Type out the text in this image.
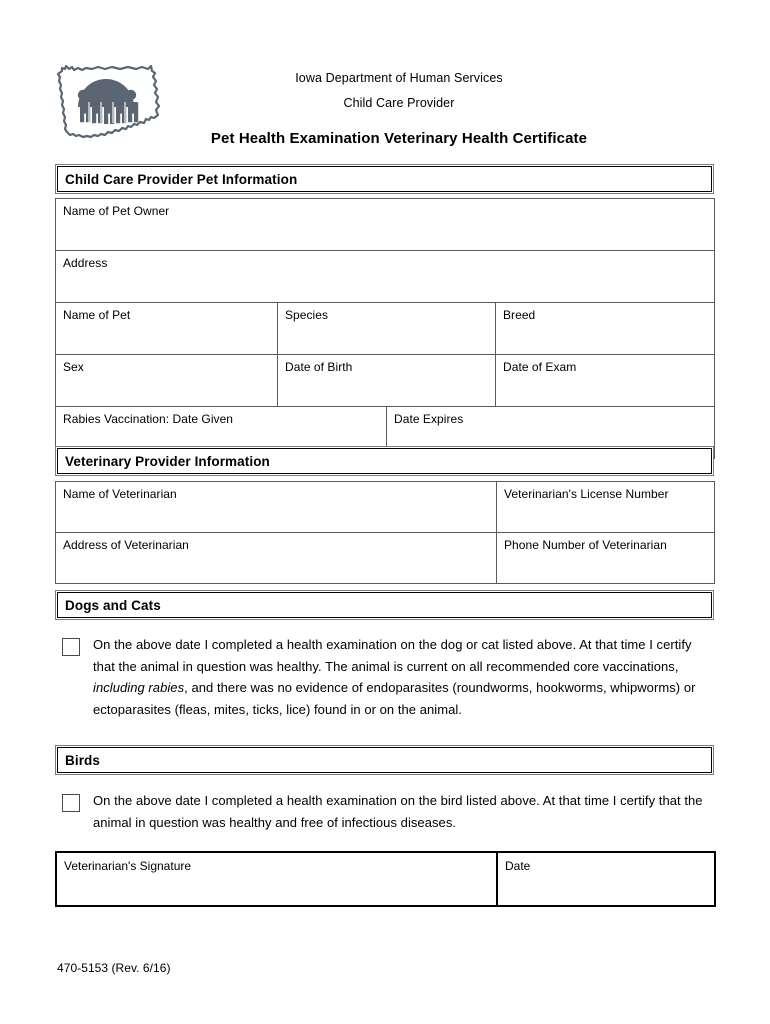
Iowa Department of Human Services
Child Care Provider
Pet Health Examination Veterinary Health Certificate
Child Care Provider Pet Information
Name of Pet Owner			

Address			

Name of Pet	Species		Breed

Sex	Date of Birth		Date of Exam

Rabies Vaccination: Date Given		Date Expires	
Veterinary Provider Information
Name of Veterinarian	Veterinarian's License Number

Address of Veterinarian	Phone Number of Veterinarian
Dogs and Cats
On the above date I completed a health examination on the dog or cat listed above. At that time I certify that the animal in question was healthy. The animal is current on all recommended core vaccinations, including rabies, and there was no evidence of endoparasites (roundworms, hookworms, whipworms) or ectoparasites (fleas, mites, ticks, lice) found in or on the animal.
Birds
On the above date I completed a health examination on the bird listed above. At that time I certify that the animal in question was healthy and free of infectious diseases.
Veterinarian's Signature	Date
470-5153 (Rev. 6/16)
